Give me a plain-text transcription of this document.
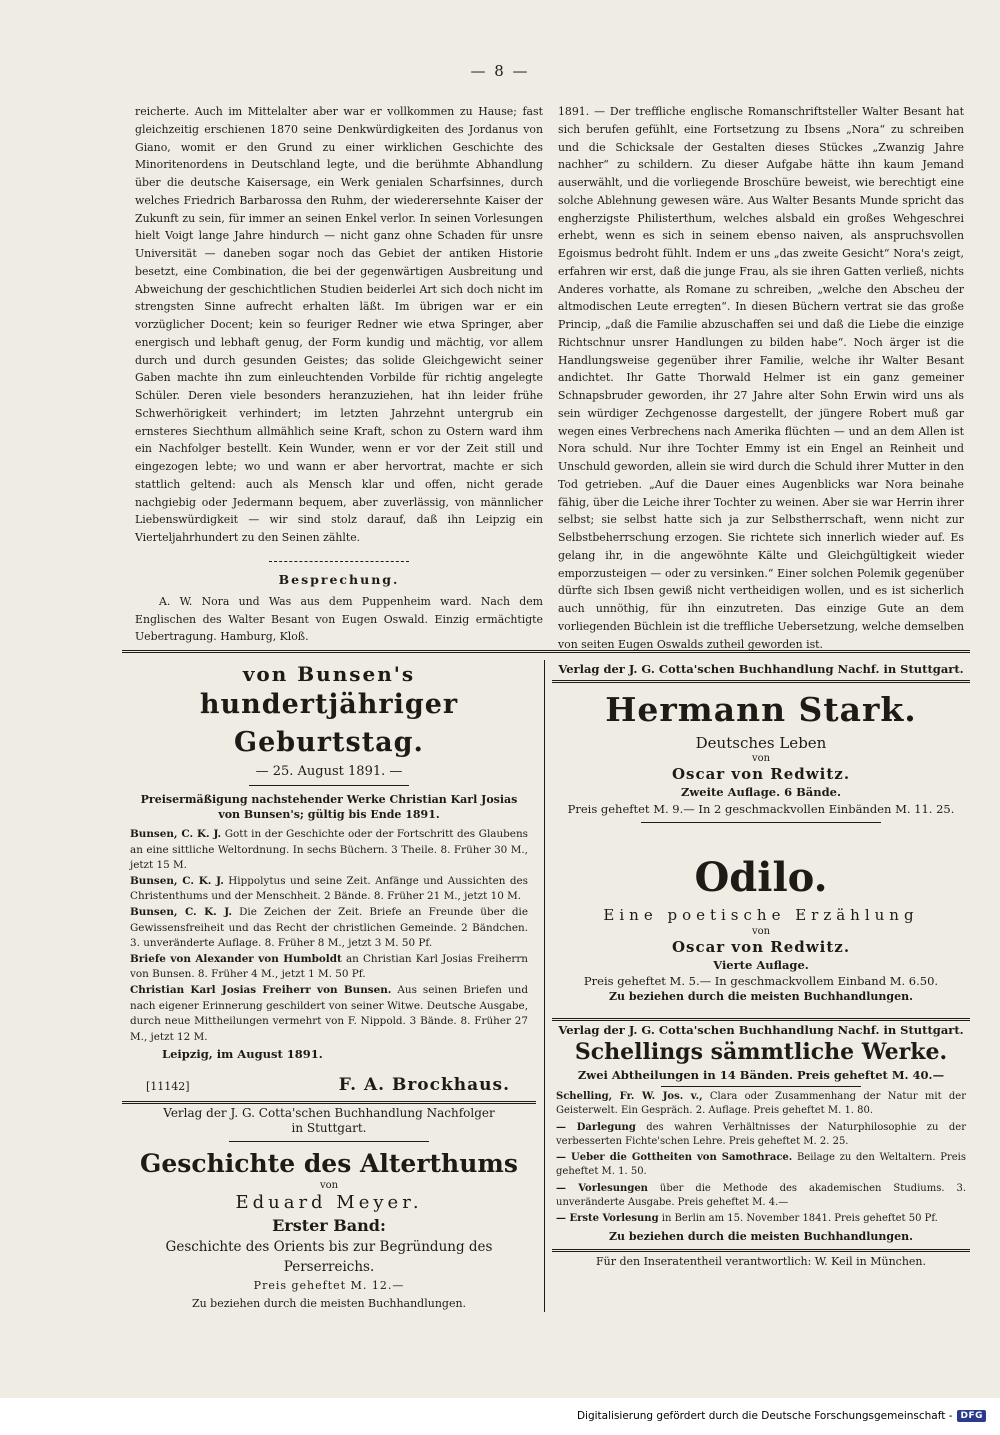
— 8 —

reicherte. Auch im Mittelalter aber war er vollkommen zu Hause; fast gleichzeitig erschienen 1870 seine Denkwürdigkeiten des Jordanus von Giano, womit er den Grund zu einer wirklichen Geschichte des Minoritenordens in Deutschland legte, und die berühmte Abhandlung über die deutsche Kaisersage, ein Werk genialen Scharfsinnes, durch welches Friedrich Barbarossa den Ruhm, der wiederersehnte Kaiser der Zukunft zu sein, für immer an seinen Enkel verlor. In seinen Vorlesungen hielt Voigt lange Jahre hindurch — nicht ganz ohne Schaden für unsre Universität — daneben sogar noch das Gebiet der antiken Historie besetzt, eine Combination, die bei der gegenwärtigen Ausbreitung und Abweichung der geschichtlichen Studien beiderlei Art sich doch nicht im strengsten Sinne aufrecht erhalten läßt. Im übrigen war er ein vorzüglicher Docent; kein so feuriger Redner wie etwa Springer, aber energisch und lebhaft genug, der Form kundig und mächtig, vor allem durch und durch gesunden Geistes; das solide Gleichgewicht seiner Gaben machte ihn zum einleuchtenden Vorbilde für richtig angelegte Schüler. Deren viele besonders heranzuziehen, hat ihn leider frühe Schwerhörigkeit verhindert; im letzten Jahrzehnt untergrub ein ernsteres Siechthum allmählich seine Kraft, schon zu Ostern ward ihm ein Nachfolger bestellt. Kein Wunder, wenn er vor der Zeit still und eingezogen lebte; wo und wann er aber hervortrat, machte er sich stattlich geltend: auch als Mensch klar und offen, nicht gerade nachgiebig oder Jedermann bequem, aber zuverlässig, von männlicher Liebenswürdigkeit — wir sind stolz darauf, daß ihn Leipzig ein Vierteljahrhundert zu den Seinen zählte.

Besprechung.

A. W. Nora und Was aus dem Puppenheim ward. Nach dem Englischen des Walter Besant von Eugen Oswald. Einzig ermächtigte Uebertragung. Hamburg, Kloß.

1891. — Der treffliche englische Romanschriftsteller Walter Besant hat sich berufen gefühlt, eine Fortsetzung zu Ibsens „Nora“ zu schreiben und die Schicksale der Gestalten dieses Stückes „Zwanzig Jahre nachher“ zu schildern. Zu dieser Aufgabe hätte ihn kaum Jemand auserwählt, und die vorliegende Broschüre beweist, wie berechtigt eine solche Ablehnung gewesen wäre. Aus Walter Besants Munde spricht das engherzigste Philisterthum, welches alsbald ein großes Wehgeschrei erhebt, wenn es sich in seinem ebenso naiven, als anspruchsvollen Egoismus bedroht fühlt. Indem er uns „das zweite Gesicht“ Nora's zeigt, erfahren wir erst, daß die junge Frau, als sie ihren Gatten verließ, nichts Anderes vorhatte, als Romane zu schreiben, „welche den Abscheu der altmodischen Leute erregten“. In diesen Büchern vertrat sie das große Princip, „daß die Familie abzuschaffen sei und daß die Liebe die einzige Richtschnur unsrer Handlungen zu bilden habe“. Noch ärger ist die Handlungsweise gegenüber ihrer Familie, welche ihr Walter Besant andichtet. Ihr Gatte Thorwald Helmer ist ein ganz gemeiner Schnapsbruder geworden, ihr 27 Jahre alter Sohn Erwin wird uns als sein würdiger Zechgenosse dargestellt, der jüngere Robert muß gar wegen eines Verbrechens nach Amerika flüchten — und an dem Allen ist Nora schuld. Nur ihre Tochter Emmy ist ein Engel an Reinheit und Unschuld geworden, allein sie wird durch die Schuld ihrer Mutter in den Tod getrieben. „Auf die Dauer eines Augenblicks war Nora beinahe fähig, über die Leiche ihrer Tochter zu weinen. Aber sie war Herrin ihrer selbst; sie selbst hatte sich ja zur Selbstherrschaft, wenn nicht zur Selbstbeherrschung erzogen. Sie richtete sich innerlich wieder auf. Es gelang ihr, in die angewöhnte Kälte und Gleichgültigkeit wieder emporzusteigen — oder zu versinken.“ Einer solchen Polemik gegenüber dürfte sich Ibsen gewiß nicht vertheidigen wollen, und es ist sicherlich auch unnöthig, für ihn einzutreten. Das einzige Gute an dem vorliegenden Büchlein ist die treffliche Uebersetzung, welche demselben von seiten Eugen Oswalds zutheil geworden ist.

von Bunsen's

hundertjähriger Geburtstag.

— 25. August 1891. —

Preisermäßigung nachstehender Werke Christian Karl Josias von Bunsen's; gültig bis Ende 1891.

Bunsen, C. K. J. Gott in der Geschichte oder der Fortschritt des Glaubens an eine sittliche Weltordnung. In sechs Büchern. 3 Theile. 8. Früher 30 M., jetzt 15 M.

Bunsen, C. K. J. Hippolytus und seine Zeit. Anfänge und Aussichten des Christenthums und der Menschheit. 2 Bände. 8. Früher 21 M., jetzt 10 M.

Bunsen, C. K. J. Die Zeichen der Zeit. Briefe an Freunde über die Gewissensfreiheit und das Recht der christlichen Gemeinde. 2 Bändchen. 3. unveränderte Auflage. 8. Früher 8 M., jetzt 3 M. 50 Pf.

Briefe von Alexander von Humboldt an Christian Karl Josias Freiherrn von Bunsen. 8. Früher 4 M., jetzt 1 M. 50 Pf.

Christian Karl Josias Freiherr von Bunsen. Aus seinen Briefen und nach eigener Erinnerung geschildert von seiner Witwe. Deutsche Ausgabe, durch neue Mittheilungen vermehrt von F. Nippold. 3 Bände. 8. Früher 27 M., jetzt 12 M.

Leipzig, im August 1891.

[11142]	F. A. Brockhaus.

Verlag der J. G. Cotta'schen Buchhandlung Nachfolger in Stuttgart.

Geschichte des Alterthums

von

Eduard Meyer.

Erster Band:

Geschichte des Orients bis zur Begründung des Perserreichs.

Preis geheftet M. 12.—

Zu beziehen durch die meisten Buchhandlungen.

Verlag der J. G. Cotta'schen Buchhandlung Nachf. in Stuttgart.

Hermann Stark.

Deutsches Leben

von

Oscar von Redwitz.

Zweite Auflage. 6 Bände.

Preis geheftet M. 9.— In 2 geschmackvollen Einbänden M. 11. 25.

Odilo.

Eine poetische Erzählung

von

Oscar von Redwitz.

Vierte Auflage.

Preis geheftet M. 5.— In geschmackvollem Einband M. 6.50.

Zu beziehen durch die meisten Buchhandlungen.

Verlag der J. G. Cotta'schen Buchhandlung Nachf. in Stuttgart.

Schellings sämmtliche Werke.

Zwei Abtheilungen in 14 Bänden. Preis geheftet M. 40.—

Schelling, Fr. W. Jos. v., Clara oder Zusammenhang der Natur mit der Geisterwelt. Ein Gespräch. 2. Auflage. Preis geheftet M. 1. 80.

— Darlegung des wahren Verhältnisses der Naturphilosophie zu der verbesserten Fichte'schen Lehre. Preis geheftet M. 2. 25.

— Ueber die Gottheiten von Samothrace. Beilage zu den Weltaltern. Preis geheftet M. 1. 50.

— Vorlesungen über die Methode des akademischen Studiums. 3. unveränderte Ausgabe. Preis geheftet M. 4.—

— Erste Vorlesung in Berlin am 15. November 1841. Preis geheftet 50 Pf.

Zu beziehen durch die meisten Buchhandlungen.

Für den Inseratentheil verantwortlich: W. Keil in München.

Digitalisierung gefördert durch die Deutsche Forschungsgemeinschaft - DFG
